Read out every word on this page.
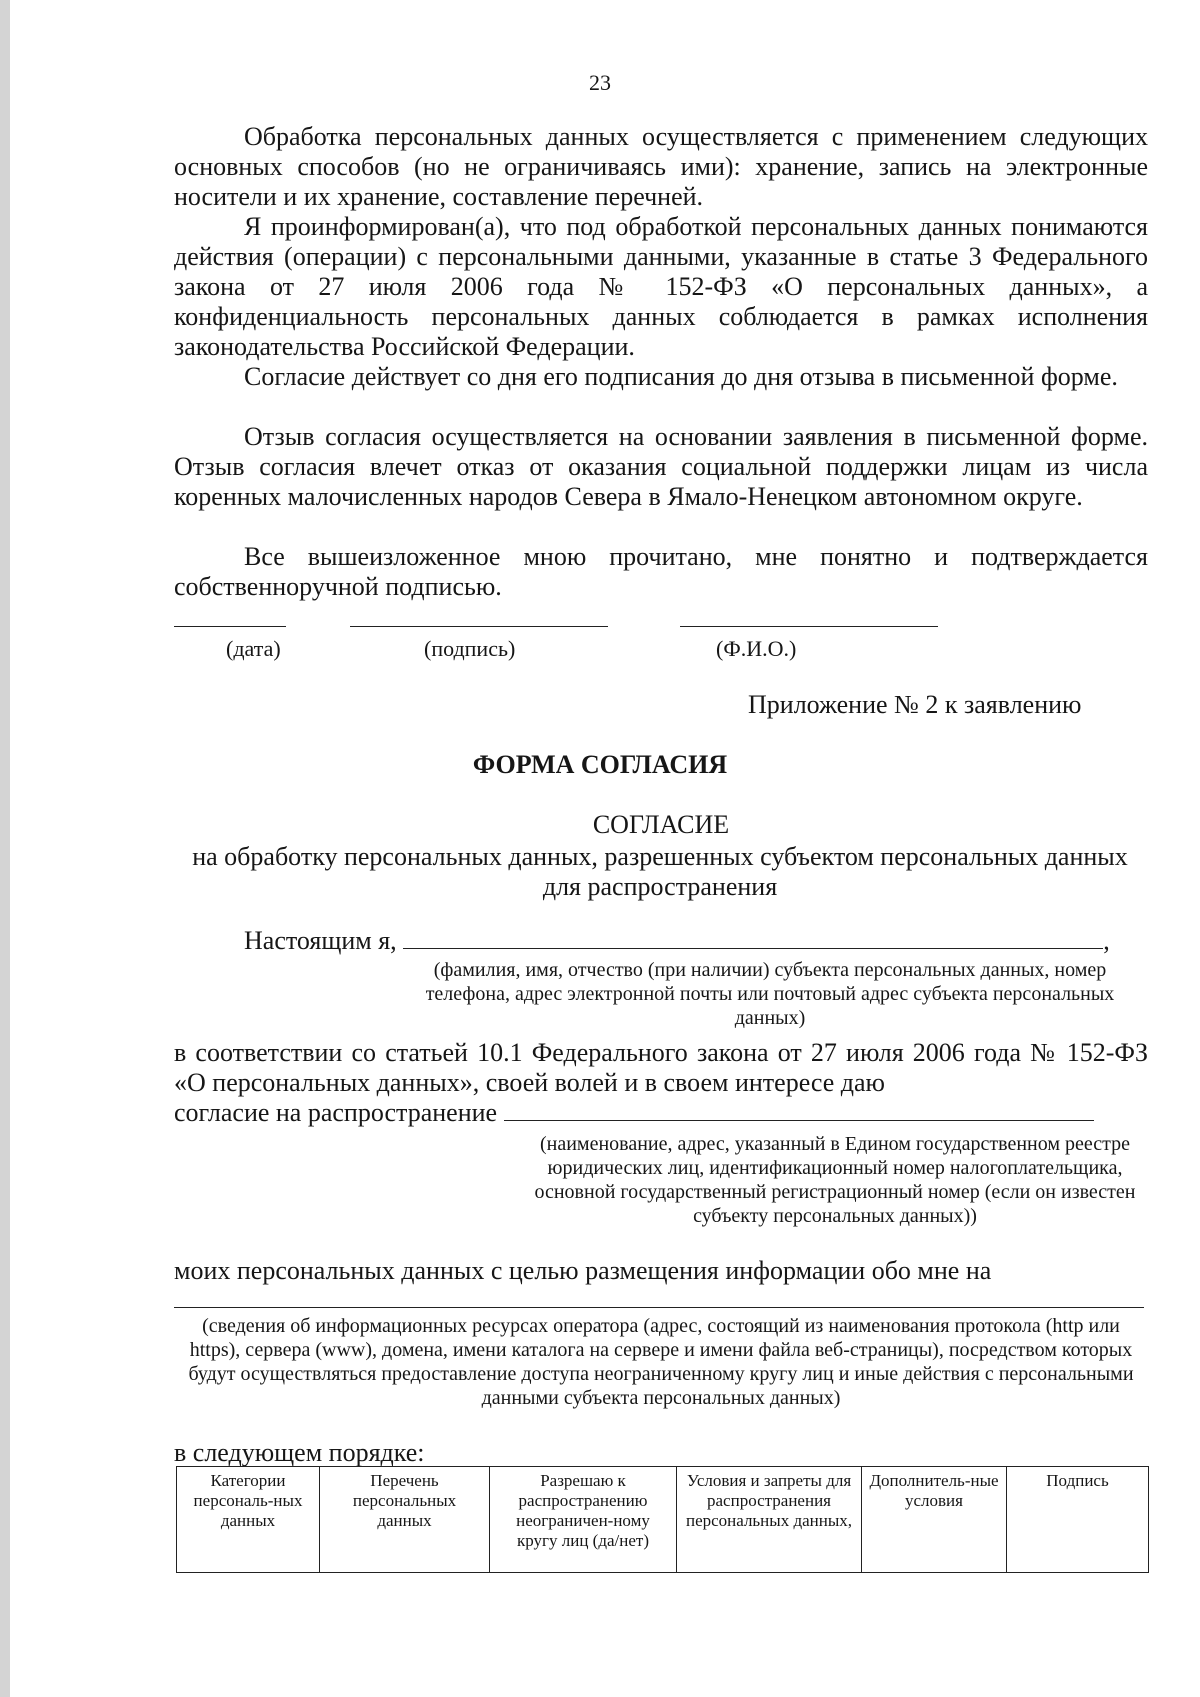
23

Обработка персональных данных осуществляется с применением следующих основных способов (но не ограничиваясь ими): хранение, запись на электронные носители и их хранение, составление перечней.

Я проинформирован(а), что под обработкой персональных данных понимаются действия (операции) с персональными данными, указанные в статье 3 Федерального закона от 27 июля 2006 года № 152-ФЗ «О персональных данных», а конфиденциальность персональных данных соблюдается в рамках исполнения законодательства Российской Федерации.

Согласие действует со дня его подписания до дня отзыва в письменной форме.

Отзыв согласия осуществляется на основании заявления в письменной форме. Отзыв согласия влечет отказ от оказания социальной поддержки лицам из числа коренных малочисленных народов Севера в Ямало-Ненецком автономном округе.

Все вышеизложенное мною прочитано, мне понятно и подтверждается собственноручной подписью.

(дата)	(подпись)	(Ф.И.О.)
Приложение № 2 к заявлению
ФОРМА СОГЛАСИЯ

СОГЛАСИЕ

на обработку персональных данных, разрешенных субъектом персональных данных для распространения

Настоящим я,	,

(фамилия, имя, отчество (при наличии) субъекта персональных данных, номер телефона, адрес электронной почты или почтовый адрес субъекта персональных данных)

в соответствии со статьей 10.1 Федерального закона от 27 июля 2006 года № 152-ФЗ «О персональных данных», своей волей и в своем интересе даю

согласие на распространение

(наименование, адрес, указанный в Едином государственном реестре юридических лиц, идентификационный номер налогоплательщика, основной государственный регистрационный номер (если он известен субъекту персональных данных))

моих персональных данных с целью размещения информации обо мне на

(сведения об информационных ресурсах оператора (адрес, состоящий из наименования протокола (http или https), сервера (www), домена, имени каталога на сервере и имени файла веб-страницы), посредством которых будут осуществляться предоставление доступа неограниченному кругу лиц и иные действия с персональными данными субъекта персональных данных)

в следующем порядке:
Категории персональ-ных данных	Перечень персональных данных	Разрешаю к распространению неограничен-ному кругу лиц (да/нет)	Условия и запреты для распространения персональных данных,	Дополнитель-ные условия	Подпись
